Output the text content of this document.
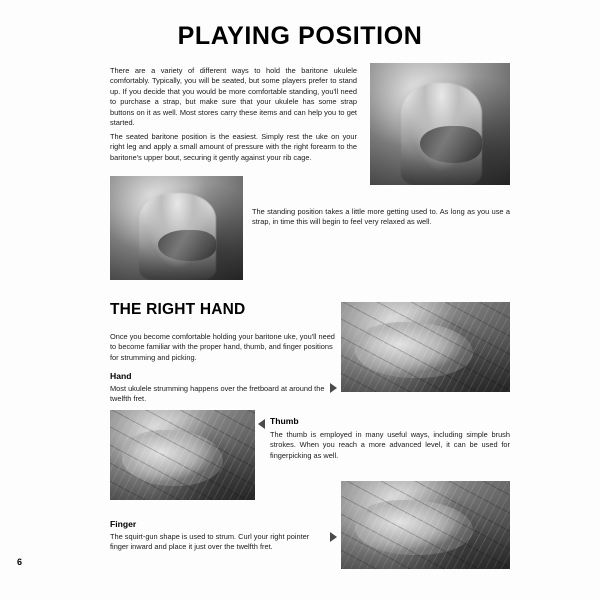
PLAYING POSITION
There are a variety of different ways to hold the baritone ukulele comfortably. Typically, you will be seated, but some players prefer to stand up. If you decide that you would be more comfortable standing, you'll need to purchase a strap, but make sure that your ukulele has some strap buttons on it as well. Most stores carry these items and can help you to get started.
The seated baritone position is the easiest. Simply rest the uke on your right leg and apply a small amount of pressure with the right forearm to the baritone's upper bout, securing it gently against your rib cage.
The standing position takes a little more getting used to. As long as you use a strap, in time this will begin to feel very relaxed as well.
THE RIGHT HAND
Once you become comfortable holding your baritone uke, you'll need to become familiar with the proper hand, thumb, and finger positions for strumming and picking.
Hand
Most ukulele strumming happens over the fretboard at around the twelfth fret.
Thumb
The thumb is employed in many useful ways, including simple brush strokes. When you reach a more advanced level, it can be used for fingerpicking as well.
Finger
The squirt-gun shape is used to strum. Curl your right pointer finger inward and place it just over the twelfth fret.
6
